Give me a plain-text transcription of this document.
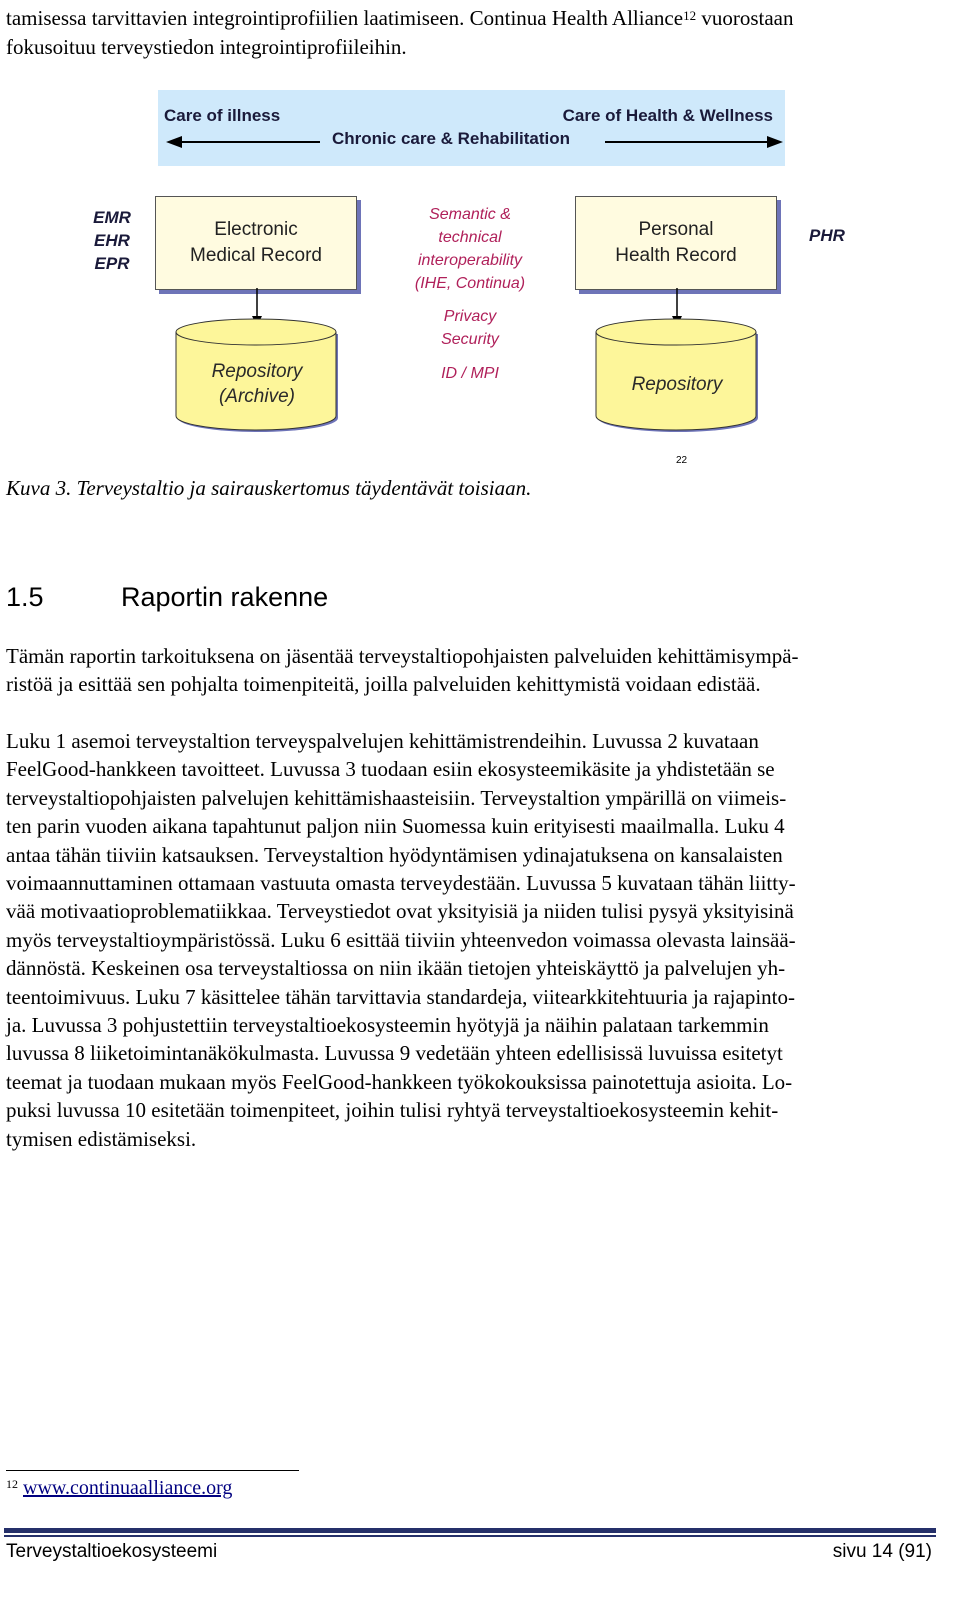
tamisessa tarvittavien integrointiprofiilien laatimiseen. Continua Health Alliance$^{12}$ vuorostaan
fokusoituu terveystiedon integrointiprofiileihin.
Care of illness	Care of Health & Wellness
Chronic care & Rehabilitation
EMR
EHR
EPR
PHR
Electronic
Medical Record
Personal
Health Record
Semantic &
technical
interoperability
(IHE, Continua)
Privacy
Security
ID / MPI
Repository
(Archive)
Repository
22
Kuva 3. Terveystaltio ja sairauskertomus täydentävät toisiaan.
1.5	Raportin rakenne
Tämän raportin tarkoituksena on jäsentää terveystaltiopohjaisten palveluiden kehittämisympä-
ristöä ja esittää sen pohjalta toimenpiteitä, joilla palveluiden kehittymistä voidaan edistää.
Luku 1 asemoi terveystaltion terveyspalvelujen kehittämistrendeihin. Luvussa 2 kuvataan
FeelGood-hankkeen tavoitteet. Luvussa 3 tuodaan esiin ekosysteemikäsite ja yhdistetään se
terveystaltiopohjaisten palvelujen kehittämishaasteisiin. Terveystaltion ympärillä on viimeis-
ten parin vuoden aikana tapahtunut paljon niin Suomessa kuin erityisesti maailmalla. Luku 4
antaa tähän tiiviin katsauksen. Terveystaltion hyödyntämisen ydinajatuksena on kansalaisten
voimaannuttaminen ottamaan vastuuta omasta terveydestään. Luvussa 5 kuvataan tähän liitty-
vää motivaatioproblematiikkaa. Terveystiedot ovat yksityisiä ja niiden tulisi pysyä yksityisinä
myös terveystaltioympäristössä. Luku 6 esittää tiiviin yhteenvedon voimassa olevasta lainsää-
dännöstä. Keskeinen osa terveystaltiossa on niin ikään tietojen yhteiskäyttö ja palvelujen yh-
teentoimivuus. Luku 7 käsittelee tähän tarvittavia standardeja, viitearkkitehtuuria ja rajapinto-
ja. Luvussa 3 pohjustettiin terveystaltioekosysteemin hyötyjä ja näihin palataan tarkemmin
luvussa 8 liiketoimintanäkökulmasta. Luvussa 9 vedetään yhteen edellisissä luvuissa esitetyt
teemat ja tuodaan mukaan myös FeelGood-hankkeen työkokouksissa painotettuja asioita. Lo-
puksi luvussa 10 esitetään toimenpiteet, joihin tulisi ryhtyä terveystaltioekosysteemin kehit-
tymisen edistämiseksi.
$^{12}$ www.continuaalliance.org
Terveystaltioekosysteemi	sivu 14 (91)
